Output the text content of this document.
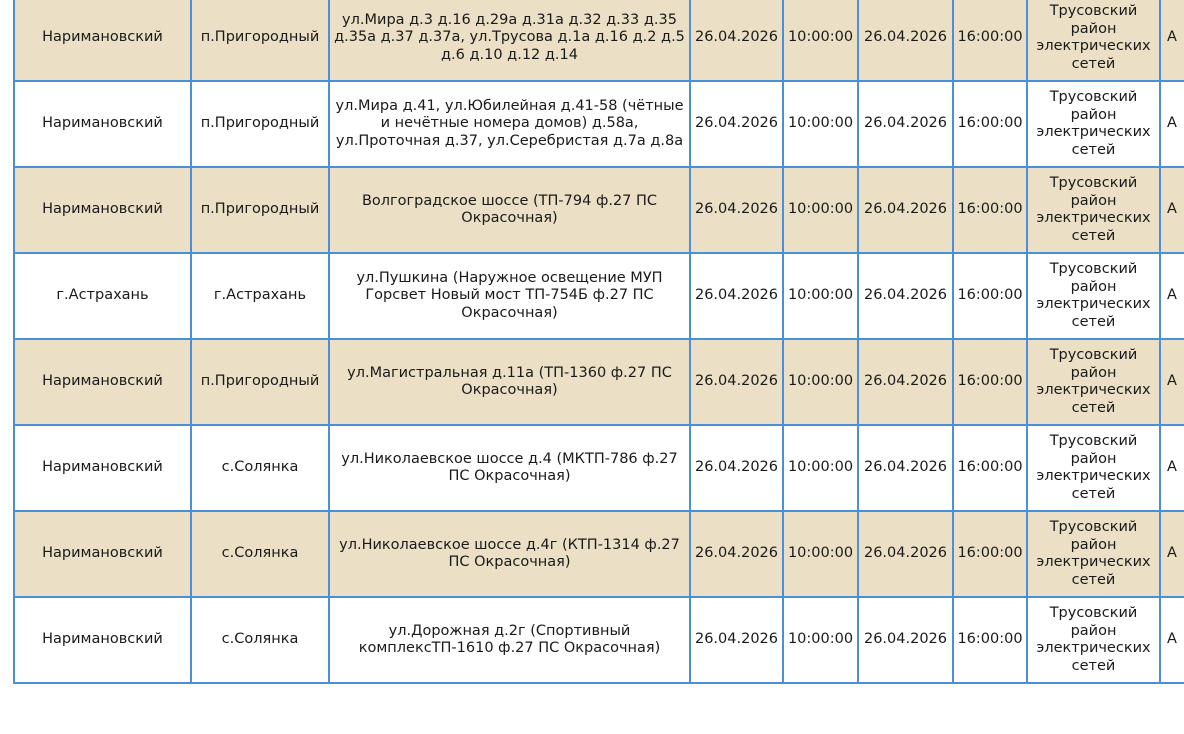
Наримановский	п.Пригородный	ул.Мира д.3 д.16 д.29а д.31а д.32 д.33 д.35 д.35а д.37 д.37а, ул.Трусова д.1а д.16 д.2 д.5 д.6 д.10 д.12 д.14	26.04.2026	10:00:00	26.04.2026	16:00:00	Трусовский район электрических сетей	А
Наримановский	п.Пригородный	ул.Мира д.41, ул.Юбилейная д.41-58 (чётные и нечётные номера домов) д.58а, ул.Проточная д.37, ул.Серебристая д.7а д.8а	26.04.2026	10:00:00	26.04.2026	16:00:00	Трусовский район электрических сетей	А
Наримановский	п.Пригородный	Волгоградское шоссе (ТП-794 ф.27 ПС Окрасочная)	26.04.2026	10:00:00	26.04.2026	16:00:00	Трусовский район электрических сетей	А
г.Астрахань	г.Астрахань	ул.Пушкина (Наружное освещение МУП Горсвет Новый мост ТП-754Б ф.27 ПС Окрасочная)	26.04.2026	10:00:00	26.04.2026	16:00:00	Трусовский район электрических сетей	А
Наримановский	п.Пригородный	ул.Магистральная д.11а (ТП-1360 ф.27 ПС Окрасочная)	26.04.2026	10:00:00	26.04.2026	16:00:00	Трусовский район электрических сетей	А
Наримановский	с.Солянка	ул.Николаевское шоссе д.4 (МКТП-786 ф.27 ПС Окрасочная)	26.04.2026	10:00:00	26.04.2026	16:00:00	Трусовский район электрических сетей	А
Наримановский	с.Солянка	ул.Николаевское шоссе д.4г (КТП-1314 ф.27 ПС Окрасочная)	26.04.2026	10:00:00	26.04.2026	16:00:00	Трусовский район электрических сетей	А
Наримановский	с.Солянка	ул.Дорожная д.2г (Спортивный комплексТП-1610 ф.27 ПС Окрасочная)	26.04.2026	10:00:00	26.04.2026	16:00:00	Трусовский район электрических сетей	А
